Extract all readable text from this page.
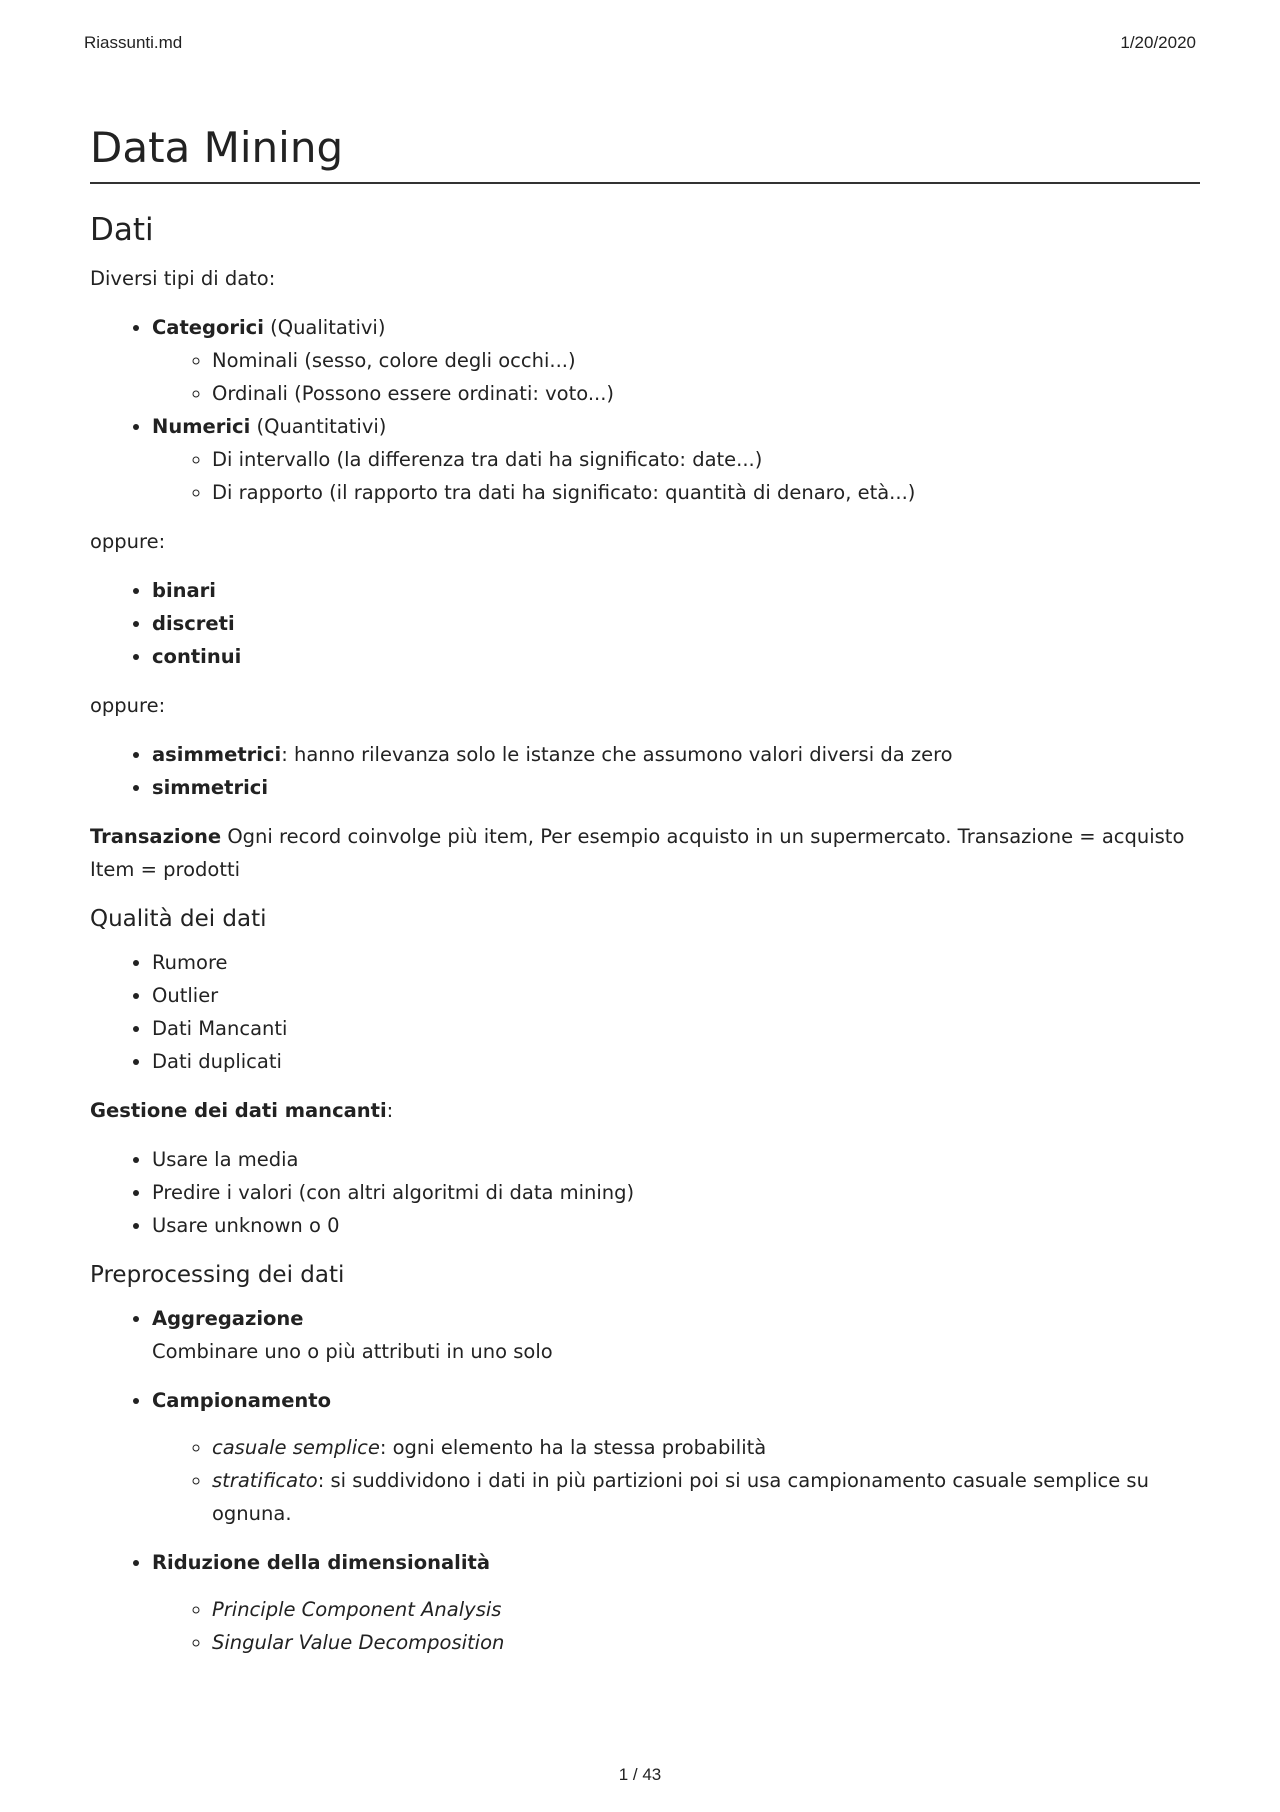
Riassunti.md	1/20/2020
Data Mining
Dati

Diversi tipi di dato:

• Categorici (Qualitativi)
◦ Nominali (sesso, colore degli occhi...)
◦ Ordinali (Possono essere ordinati: voto...)
• Numerici (Quantitativi)
◦ Di intervallo (la differenza tra dati ha significato: date...)
◦ Di rapporto (il rapporto tra dati ha significato: quantità di denaro, età...)

oppure:

• binari
• discreti
• continui

oppure:

• asimmetrici: hanno rilevanza solo le istanze che assumono valori diversi da zero
• simmetrici

Transazione Ogni record coinvolge più item, Per esempio acquisto in un supermercato. Transazione = acquisto Item = prodotti

Qualità dei dati
• Rumore
• Outlier
• Dati Mancanti
• Dati duplicati

Gestione dei dati mancanti:

• Usare la media
• Predire i valori (con altri algoritmi di data mining)
• Usare unknown o 0
Preprocessing dei dati
• Aggregazione
Combinare uno o più attributi in uno solo
• Campionamento
◦ casuale semplice: ogni elemento ha la stessa probabilità
◦ stratificato: si suddividono i dati in più partizioni poi si usa campionamento casuale semplice su ognuna.
• Riduzione della dimensionalità
◦ Principle Component Analysis
◦ Singular Value Decomposition
1 / 43
